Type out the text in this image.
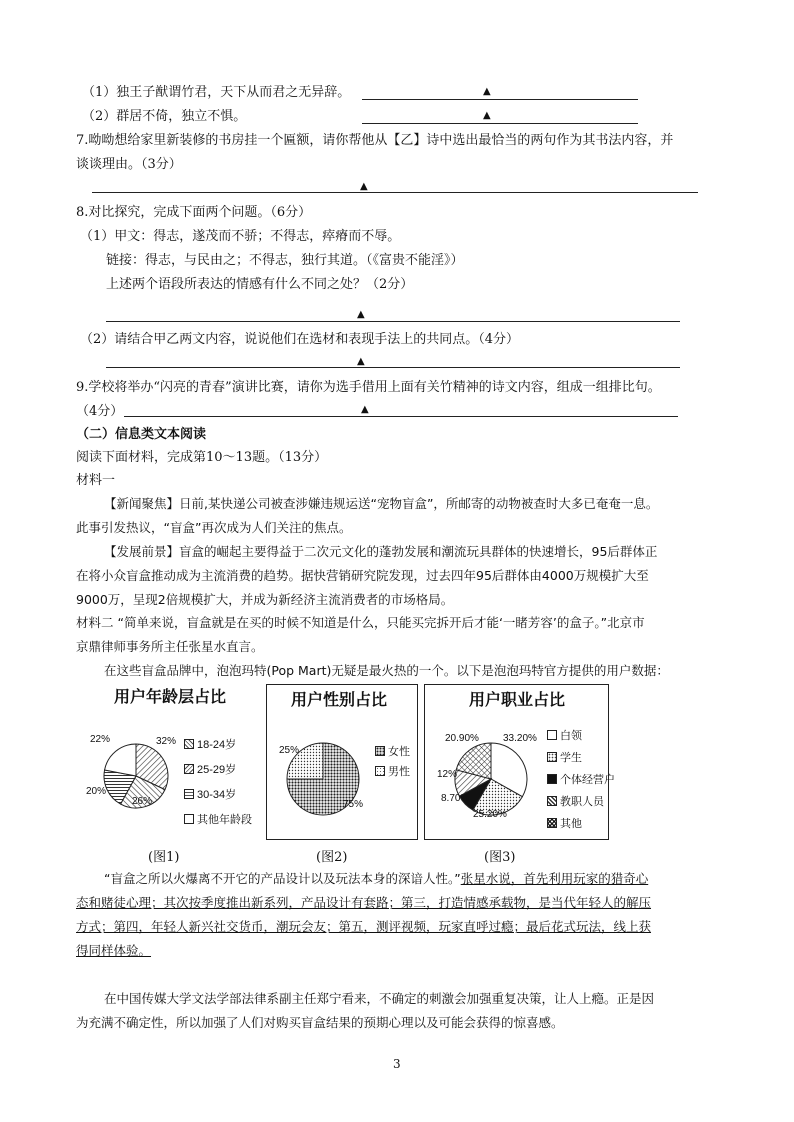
（1）独王子猷谓竹君，天下从而君之无异辞。	▲
（2）群居不倚，独立不惧。	▲
7.呦呦想给家里新装修的书房挂一个匾额，请你帮他从【乙】诗中选出最恰当的两句作为其书法内容，并
谈谈理由。（3分）
▲
8.对比探究，完成下面两个问题。（6分）
（1）甲文：得志，遂茂而不骄；不得志，瘁瘠而不辱。
链接：得志，与民由之；不得志，独行其道。（《富贵不能淫》）
上述两个语段所表达的情感有什么不同之处？（2分）
▲
（2）请结合甲乙两文内容，说说他们在选材和表现手法上的共同点。（4分）
▲
9.学校将举办“闪亮的青春”演讲比赛，请你为选手借用上面有关竹精神的诗文内容，组成一组排比句。
（4分）	▲
（二）信息类文本阅读
阅读下面材料，完成第10～13题。（13分）
材料一
【新闻聚焦】日前,某快递公司被查涉嫌违规运送“宠物盲盒”，所邮寄的动物被查时大多已奄奄一息。
此事引发热议，“盲盒”再次成为人们关注的焦点。
【发展前景】盲盒的崛起主要得益于二次元文化的蓬勃发展和潮流玩具群体的快速增长，95后群体正
在将小众盲盒推动成为主流消费的趋势。据快营销研究院发现，过去四年95后群体由4000万规模扩大至
9000万，呈现2倍规模扩大，并成为新经济主流消费者的市场格局。
材料二 “简单来说，盲盒就是在买的时候不知道是什么，只能买完拆开后才能‘一睹芳容’的盒子。”北京市
京鼎律师事务所主任张星水直言。
在这些盲盒品牌中，泡泡玛特(Pop Mart)无疑是最火热的一个。以下是泡泡玛特官方提供的用户数据：
用户年龄层占比
32%
26%
20%
22%	18-24岁
25-29岁
30-34岁
其他年龄段
用户性别占比
25%
75%
女性
男性
用户职业占比
20.90% 33.20%
12%
8.70%
25.20%
白领
学生
个体经营户
教职人员
其他
(图1)	(图2)	(图3)
“盲盒之所以火爆离不开它的产品设计以及玩法本身的深谙人性。”张星水说，首先利用玩家的猎奇心
态和赌徒心理；其次按季度推出新系列，产品设计有套路；第三，打造情感承载物，是当代年轻人的解压
方式；第四，年轻人新兴社交货币，潮玩会友；第五，测评视频，玩家直呼过瘾；最后花式玩法，线上获
得同样体验。
在中国传媒大学文法学部法律系副主任郑宁看来，不确定的刺激会加强重复决策，让人上瘾。正是因
为充满不确定性，所以加强了人们对购买盲盒结果的预期心理以及可能会获得的惊喜感。
3
